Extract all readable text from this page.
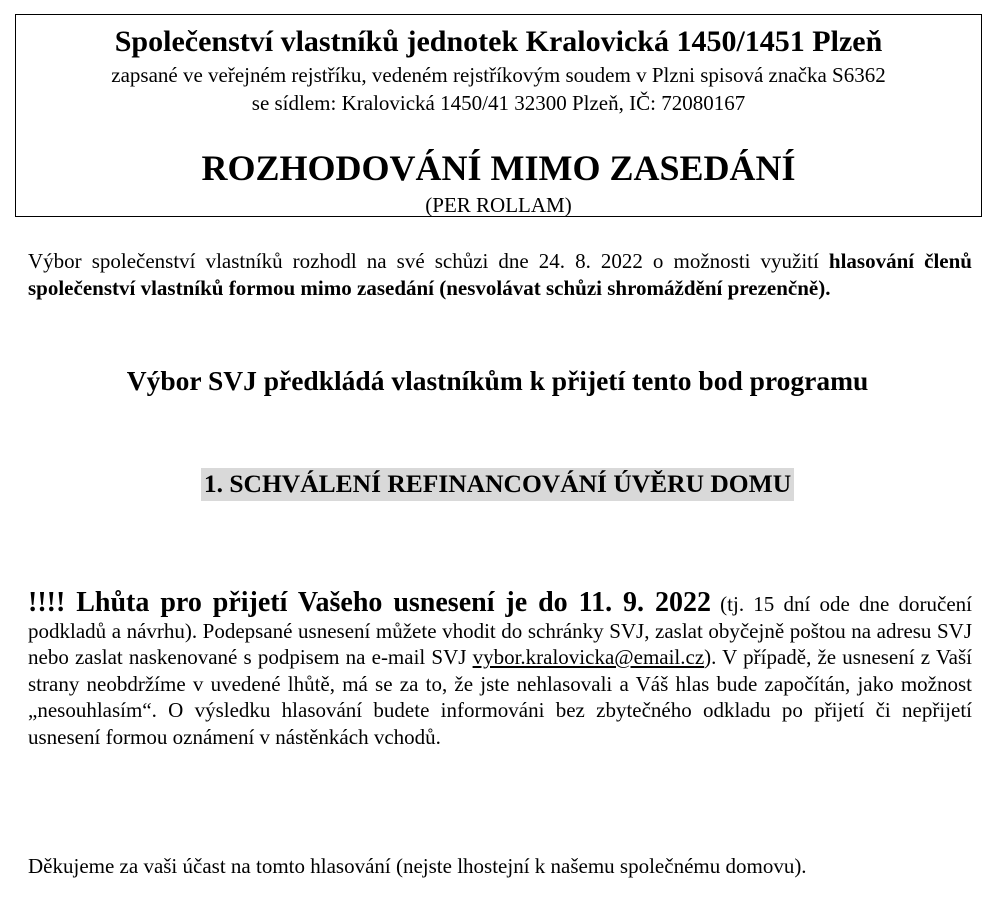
Společenství vlastníků jednotek Kralovická 1450/1451 Plzeň
zapsané ve veřejném rejstříku, vedeném rejstříkovým soudem v Plzni spisová značka S6362
se sídlem: Kralovická 1450/41 32300 Plzeň, IČ: 72080167
ROZHODOVÁNÍ MIMO ZASEDÁNÍ
(PER ROLLAM)
Výbor společenství vlastníků rozhodl na své schůzi dne 24. 8. 2022 o možnosti využití hlasování členů společenství vlastníků formou mimo zasedání (nesvolávat schůzi shromáždění prezenčně).
Výbor SVJ předkládá vlastníkům k přijetí tento bod programu
1. SCHVÁLENÍ REFINANCOVÁNÍ ÚVĚRU DOMU
!!!! Lhůta pro přijetí Vašeho usnesení je do 11. 9. 2022 (tj. 15 dní ode dne doručení podkladů a návrhu). Podepsané usnesení můžete vhodit do schránky SVJ, zaslat obyčejně poštou na adresu SVJ nebo zaslat naskenované s podpisem na e-mail SVJ vybor.kralovicka@email.cz). V případě, že usnesení z Vaší strany neobdržíme v uvedené lhůtě, má se za to, že jste nehlasovali a Váš hlas bude započítán, jako možnost „nesouhlasím“. O výsledku hlasování budete informováni bez zbytečného odkladu po přijetí či nepřijetí usnesení formou oznámení v nástěnkách vchodů.
Děkujeme za vaši účast na tomto hlasování (nejste lhostejní k našemu společnému domovu).
